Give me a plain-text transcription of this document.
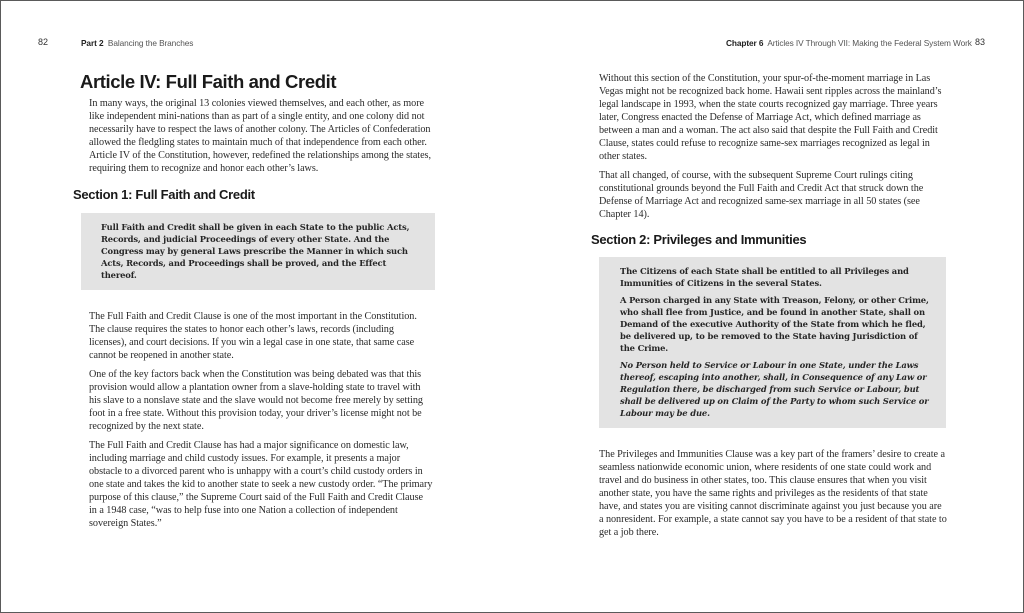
82	Part 2 Balancing the Branches	Chapter 6 Articles IV Through VII: Making the Federal System Work 83
Article IV: Full Faith and Credit

In many ways, the original 13 colonies viewed themselves, and each other, as more like independent mini-nations than as part of a single entity, and one colony did not necessarily have to respect the laws of another colony. The Articles of Confederation allowed the fledgling states to maintain much of that independence from each other. Article IV of the Constitution, however, redefined the relationships among the states, requiring them to recognize and honor each other’s laws.

Section 1: Full Faith and Credit

Full Faith and Credit shall be given in each State to the public Acts, Records, and judicial Proceedings of every other State. And the Congress may by general Laws prescribe the Manner in which such Acts, Records, and Proceedings shall be proved, and the Effect thereof.

The Full Faith and Credit Clause is one of the most important in the Constitution. The clause requires the states to honor each other’s laws, records (including licenses), and court decisions. If you win a legal case in one state, that same case cannot be reopened in another state.

One of the key factors back when the Constitution was being debated was that this provision would allow a plantation owner from a slave-holding state to travel with his slave to a nonslave state and the slave would not become free merely by setting foot in a free state. Without this provision today, your driver’s license might not be recognized by the next state.

The Full Faith and Credit Clause has had a major significance on domestic law, including marriage and child custody issues. For example, it presents a major obstacle to a divorced parent who is unhappy with a court’s child custody orders in one state and takes the kid to another state to seek a new custody order. “The primary purpose of this clause,” the Supreme Court said of the Full Faith and Credit Clause in a 1948 case, “was to help fuse into one Nation a collection of independent sovereign States.”

Without this section of the Constitution, your spur-of-the-moment marriage in Las Vegas might not be recognized back home. Hawaii sent ripples across the mainland’s legal landscape in 1993, when the state courts recognized gay marriage. Three years later, Congress enacted the Defense of Marriage Act, which defined marriage as between a man and a woman. The act also said that despite the Full Faith and Credit Clause, states could refuse to recognize same-sex marriages recognized as legal in other states.

That all changed, of course, with the subsequent Supreme Court rulings citing constitutional grounds beyond the Full Faith and Credit Act that struck down the Defense of Marriage Act and recognized same-sex marriage in all 50 states (see Chapter 14).

Section 2: Privileges and Immunities

The Citizens of each State shall be entitled to all Privileges and Immunities of Citizens in the several States.

A Person charged in any State with Treason, Felony, or other Crime, who shall flee from Justice, and be found in another State, shall on Demand of the executive Authority of the State from which he fled, be delivered up, to be removed to the State having Jurisdiction of the Crime.

No Person held to Service or Labour in one State, under the Laws thereof, escaping into another, shall, in Consequence of any Law or Regulation there, be discharged from such Service or Labour, but shall be delivered up on Claim of the Party to whom such Service or Labour may be due.

The Privileges and Immunities Clause was a key part of the framers’ desire to create a seamless nationwide economic union, where residents of one state could work and travel and do business in other states, too. This clause ensures that when you visit another state, you have the same rights and privileges as the residents of that state have, and states you are visiting cannot discriminate against you just because you are a nonresident. For example, a state cannot say you have to be a resident of that state to get a job there.
